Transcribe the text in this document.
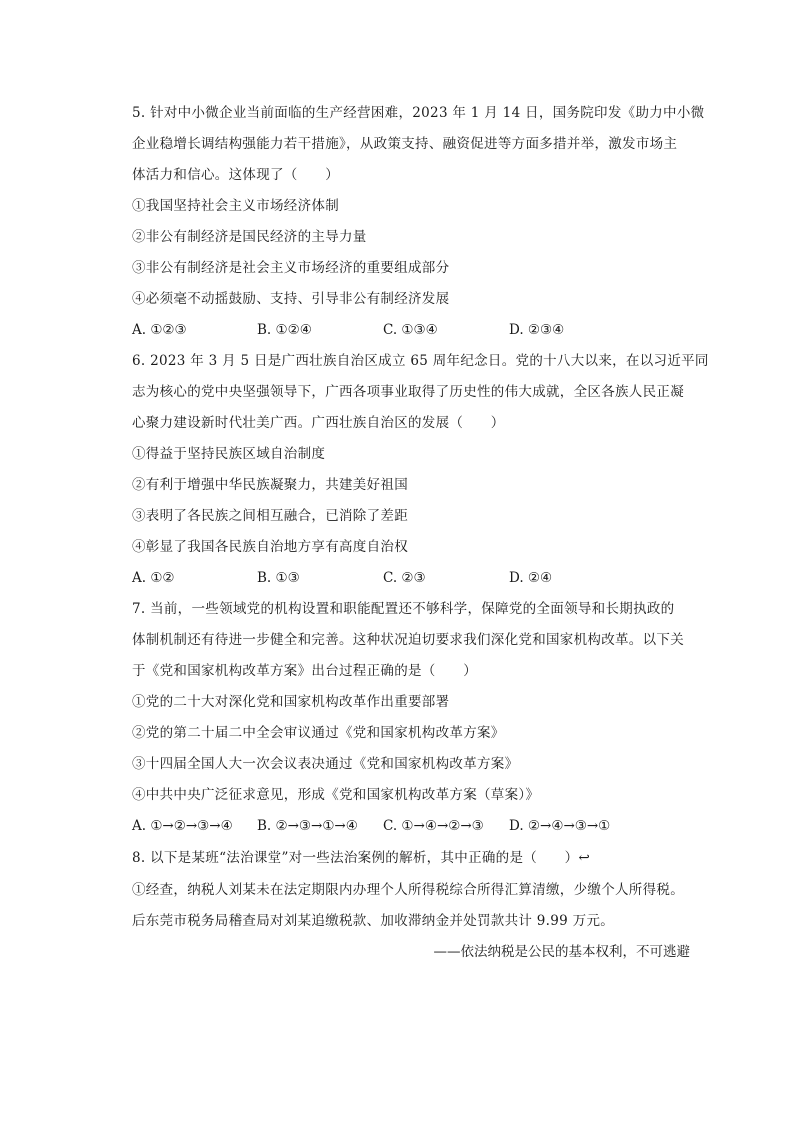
5. 针对中小微企业当前面临的生产经营困难，2023 年 1 月 14 日，国务院印发《助力中小微
企业稳增长调结构强能力若干措施》，从政策支持、融资促进等方面多措并举，激发市场主
体活力和信心。这体现了（　　）
①我国坚持社会主义市场经济体制
②非公有制经济是国民经济的主导力量
③非公有制经济是社会主义市场经济的重要组成部分
④必须毫不动摇鼓励、支持、引导非公有制经济发展
A. ①②③	B. ①②④	C. ①③④	D. ②③④
6. 2023 年 3 月 5 日是广西壮族自治区成立 65 周年纪念日。党的十八大以来，在以习近平同
志为核心的党中央坚强领导下，广西各项事业取得了历史性的伟大成就，全区各族人民正凝
心聚力建设新时代壮美广西。广西壮族自治区的发展（　　）
①得益于坚持民族区域自治制度
②有利于增强中华民族凝聚力，共建美好祖国
③表明了各民族之间相互融合，已消除了差距
④彰显了我国各民族自治地方享有高度自治权
A. ①②	B. ①③	C. ②③	D. ②④
7. 当前，一些领域党的机构设置和职能配置还不够科学，保障党的全面领导和长期执政的
体制机制还有待进一步健全和完善。这种状况迫切要求我们深化党和国家机构改革。以下关
于《党和国家机构改革方案》出台过程正确的是（　　）
①党的二十大对深化党和国家机构改革作出重要部署
②党的第二十届二中全会审议通过《党和国家机构改革方案》
③十四届全国人大一次会议表决通过《党和国家机构改革方案》
④中共中央广泛征求意见，形成《党和国家机构改革方案（草案）》
A. ①→②→③→④ B. ②→③→①→④ C. ①→④→②→③ D. ②→④→③→①
8. 以下是某班“法治课堂”对一些法治案例的解析，其中正确的是（　　）↩
①经查，纳税人刘某未在法定期限内办理个人所得税综合所得汇算清缴，少缴个人所得税。
后东莞市税务局稽查局对刘某追缴税款、加收滞纳金并处罚款共计 9.99 万元。
——依法纳税是公民的基本权利，不可逃避
